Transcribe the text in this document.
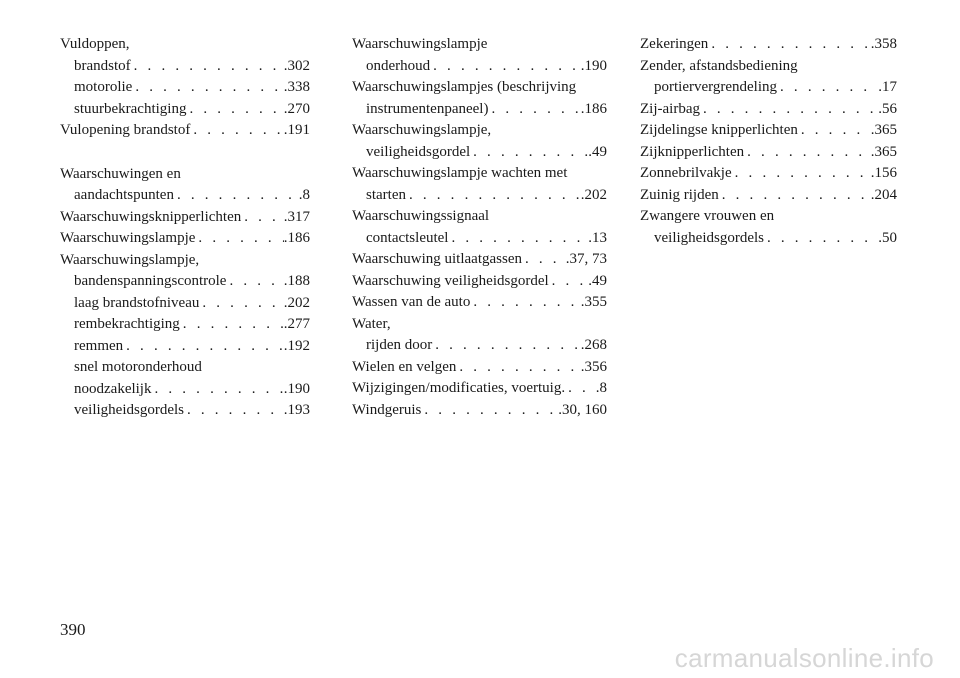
Vuldoppen,
brandstof . . .	.302
motorolie . . .	.338
stuurbekrachtiging . . .	.270
Vulopening brandstof . . .	.191
Waarschuwingen en
aandachtspunten . . .	.8
Waarschuwingsknipperlichten . . .	.317
Waarschuwingslampje . . .	.186
Waarschuwingslampje,
bandenspanningscontrole . . .	.188
laag brandstofniveau . . .	.202
rembekrachtiging . . .	.277
remmen . . .	.192
snel motoronderhoud
noodzakelijk . . .	.190
veiligheidsgordels . . .	.193
Waarschuwingslampje
onderhoud . . .	.190
Waarschuwingslampjes (beschrijving
instrumentenpaneel) . . .	.186
Waarschuwingslampje,
veiligheidsgordel . . .	.49
Waarschuwingslampje wachten met
starten . . .	.202
Waarschuwingssignaal
contactsleutel . . .	.13
Waarschuwing uitlaatgassen . . .	.37, 73
Waarschuwing veiligheidsgordel . . .	.49
Wassen van de auto . . .	.355
Water,
rijden door . . .	.268
Wielen en velgen . . .	.356
Wijzigingen/modificaties, voertuig. . . . .8
Windgeruis . . .	.30, 160
Zekeringen . . .	.358
Zender, afstandsbediening
portiervergrendeling . . .	.17
Zij-airbag . . .	.56
Zijdelingse knipperlichten . . .	.365
Zijknipperlichten . . .	.365
Zonnebrilvakje . . .	.156
Zuinig rijden . . .	.204
Zwangere vrouwen en
veiligheidsgordels . . .	.50
390
carmanualsonline.info
